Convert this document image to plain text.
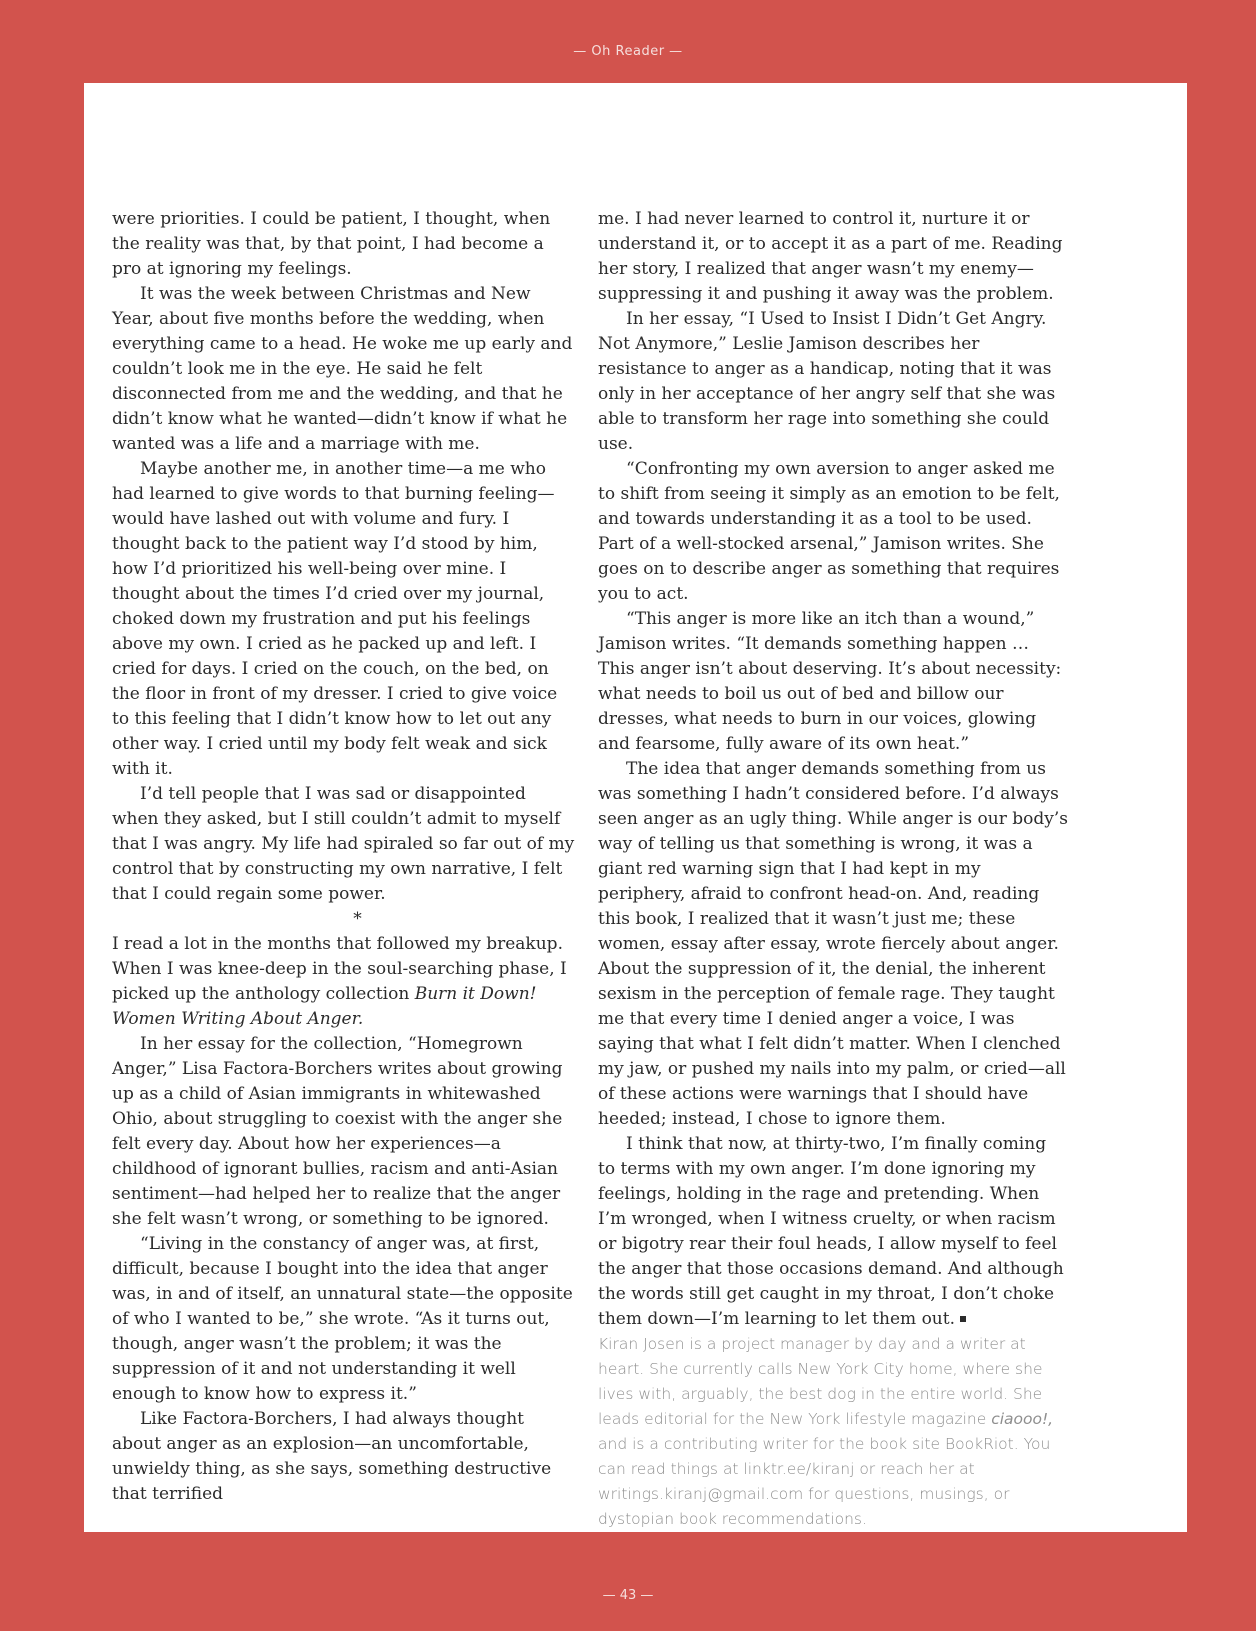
— Oh Reader —

were priorities. I could be patient, I thought, when the reality was that, by that point, I had become a pro at ignoring my feelings.

It was the week between Christmas and New Year, about five months before the wedding, when everything came to a head. He woke me up early and couldn’t look me in the eye. He said he felt disconnected from me and the wedding, and that he didn’t know what he wanted—didn’t know if what he wanted was a life and a marriage with me.

Maybe another me, in another time—a me who had learned to give words to that burning feeling—would have lashed out with volume and fury. I thought back to the patient way I’d stood by him, how I’d prioritized his well-being over mine. I thought about the times I’d cried over my journal, choked down my frustration and put his feelings above my own. I cried as he packed up and left. I cried for days. I cried on the couch, on the bed, on the floor in front of my dresser. I cried to give voice to this feeling that I didn’t know how to let out any other way. I cried until my body felt weak and sick with it.

I’d tell people that I was sad or disappointed when they asked, but I still couldn’t admit to myself that I was angry. My life had spiraled so far out of my control that by constructing my own narrative, I felt that I could regain some power.

*

I read a lot in the months that followed my breakup. When I was knee-deep in the soul-searching phase, I picked up the anthology collection Burn it Down! Women Writing About Anger.

In her essay for the collection, “Homegrown Anger,” Lisa Factora-Borchers writes about growing up as a child of Asian immigrants in whitewashed Ohio, about struggling to coexist with the anger she felt every day. About how her experiences—a childhood of ignorant bullies, racism and anti-Asian sentiment—had helped her to realize that the anger she felt wasn’t wrong, or something to be ignored.

“Living in the constancy of anger was, at first, difficult, because I bought into the idea that anger was, in and of itself, an unnatural state—the opposite of who I wanted to be,” she wrote. “As it turns out, though, anger wasn’t the problem; it was the suppression of it and not understanding it well enough to know how to express it.”

Like Factora-Borchers, I had always thought about anger as an explosion—an uncomfortable, unwieldy thing, as she says, something destructive that terrified

me. I had never learned to control it, nurture it or understand it, or to accept it as a part of me. Reading her story, I realized that anger wasn’t my enemy—suppressing it and pushing it away was the problem.

In her essay, “I Used to Insist I Didn’t Get Angry. Not Anymore,” Leslie Jamison describes her resistance to anger as a handicap, noting that it was only in her acceptance of her angry self that she was able to transform her rage into something she could use.

“Confronting my own aversion to anger asked me to shift from seeing it simply as an emotion to be felt, and towards understanding it as a tool to be used. Part of a well-stocked arsenal,” Jamison writes. She goes on to describe anger as something that requires you to act.

“This anger is more like an itch than a wound,” Jamison writes. “It demands something happen … This anger isn’t about deserving. It’s about necessity: what needs to boil us out of bed and billow our dresses, what needs to burn in our voices, glowing and fearsome, fully aware of its own heat.”

The idea that anger demands something from us was something I hadn’t considered before. I’d always seen anger as an ugly thing. While anger is our body’s way of telling us that something is wrong, it was a giant red warning sign that I had kept in my periphery, afraid to confront head-on. And, reading this book, I realized that it wasn’t just me; these women, essay after essay, wrote fiercely about anger. About the suppression of it, the denial, the inherent sexism in the perception of female rage. They taught me that every time I denied anger a voice, I was saying that what I felt didn’t matter. When I clenched my jaw, or pushed my nails into my palm, or cried—all of these actions were warnings that I should have heeded; instead, I chose to ignore them.

I think that now, at thirty-two, I’m finally coming to terms with my own anger. I’m done ignoring my feelings, holding in the rage and pretending. When I’m wronged, when I witness cruelty, or when racism or bigotry rear their foul heads, I allow myself to feel the anger that those occasions demand. And although the words still get caught in my throat, I don’t choke them down—I’m learning to let them out.

Kiran Josen is a project manager by day and a writer at heart. She currently calls New York City home, where she lives with, arguably, the best dog in the entire world. She leads editorial for the New York lifestyle magazine ciaooo!, and is a contributing writer for the book site BookRiot. You can read things at linktr.ee/kiranj or reach her at writings.kiranj@gmail.com for questions, musings, or dystopian book recommendations.

— 43 —
